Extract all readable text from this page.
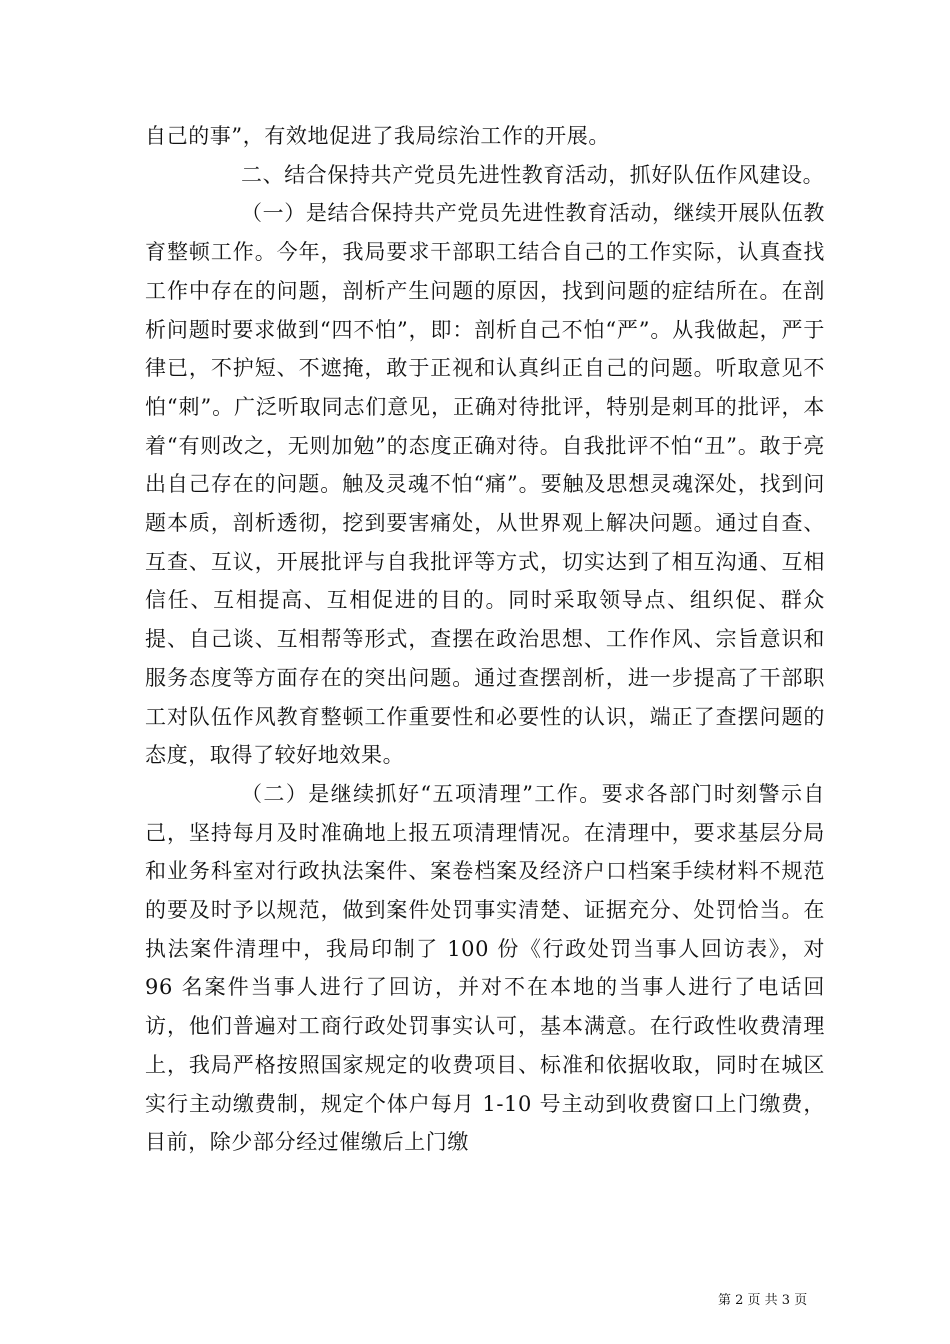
自己的事”，有效地促进了我局综治工作的开展。

二、结合保持共产党员先进性教育活动，抓好队伍作风建设。

（一）是结合保持共产党员先进性教育活动，继续开展队伍教育整顿工作。今年，我局要求干部职工结合自己的工作实际，认真查找工作中存在的问题，剖析产生问题的原因，找到问题的症结所在。在剖析问题时要求做到“四不怕”，即：剖析自己不怕“严”。从我做起，严于律已，不护短、不遮掩，敢于正视和认真纠正自己的问题。听取意见不怕“刺”。广泛听取同志们意见，正确对待批评，特别是刺耳的批评，本着“有则改之，无则加勉”的态度正确对待。自我批评不怕“丑”。敢于亮出自己存在的问题。触及灵魂不怕“痛”。要触及思想灵魂深处，找到问题本质，剖析透彻，挖到要害痛处，从世界观上解决问题。通过自查、互查、互议，开展批评与自我批评等方式，切实达到了相互沟通、互相信任、互相提高、互相促进的目的。同时采取领导点、组织促、群众提、自己谈、互相帮等形式，查摆在政治思想、工作作风、宗旨意识和服务态度等方面存在的突出问题。通过查摆剖析，进一步提高了干部职工对队伍作风教育整顿工作重要性和必要性的认识，端正了查摆问题的态度，取得了较好地效果。

（二）是继续抓好“五项清理”工作。要求各部门时刻警示自己，坚持每月及时准确地上报五项清理情况。在清理中，要求基层分局和业务科室对行政执法案件、案卷档案及经济户口档案手续材料不规范的要及时予以规范，做到案件处罚事实清楚、证据充分、处罚恰当。在执法案件清理中，我局印制了 100 份《行政处罚当事人回访表》，对 96 名案件当事人进行了回访，并对不在本地的当事人进行了电话回访，他们普遍对工商行政处罚事实认可，基本满意。在行政性收费清理上，我局严格按照国家规定的收费项目、标准和依据收取，同时在城区实行主动缴费制，规定个体户每月 1-10 号主动到收费窗口上门缴费，目前，除少部分经过催缴后上门缴

第 2 页 共 3 页
